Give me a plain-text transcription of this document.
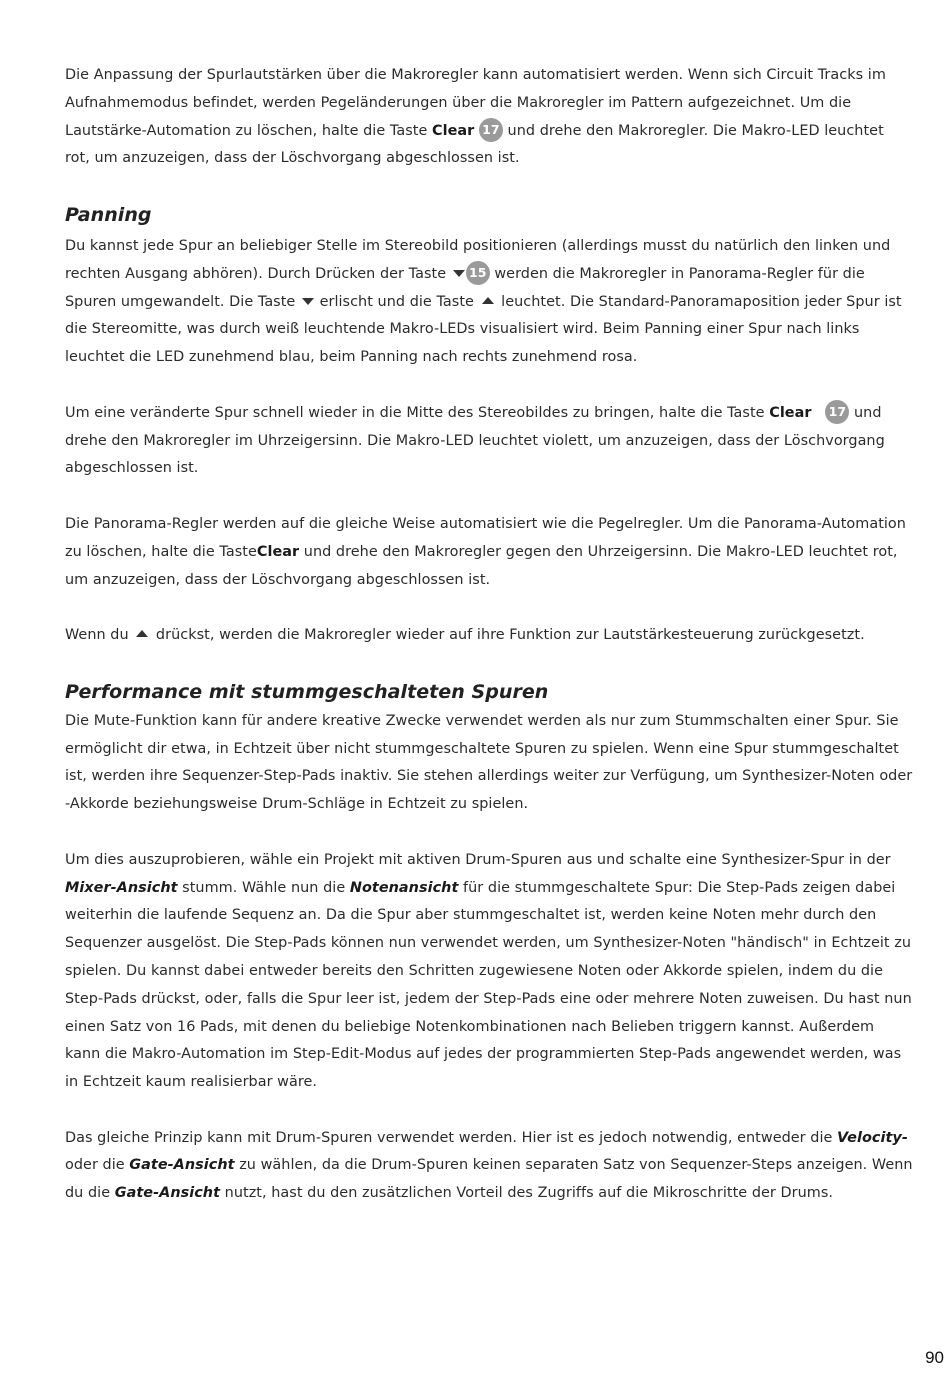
Die Anpassung der Spurlautstärken über die Makroregler kann automatisiert werden. Wenn sich Circuit Tracks im Aufnahmemodus befindet, werden Pegeländerungen über die Makroregler im Pattern aufgezeichnet. Um die Lautstärke-Automation zu löschen, halte die Taste Clear 17 und drehe den Makroregler. Die Makro-LED leuchtet rot, um anzuzeigen, dass der Löschvorgang abgeschlossen ist.

Panning

Du kannst jede Spur an beliebiger Stelle im Stereobild positionieren (allerdings musst du natürlich den linken und rechten Ausgang abhören). Durch Drücken der Taste 15 werden die Makroregler in Panorama-Regler für die Spuren umgewandelt. Die Taste  erlischt und die Taste  leuchtet. Die Standard-Panoramaposition jeder Spur ist die Stereomitte, was durch weiß leuchtende Makro-LEDs visualisiert wird. Beim Panning einer Spur nach links leuchtet die LED zunehmend blau, beim Panning nach rechts zunehmend rosa.

Um eine veränderte Spur schnell wieder in die Mitte des Stereobildes zu bringen, halte die Taste Clear 17 und drehe den Makroregler im Uhrzeigersinn. Die Makro-LED leuchtet violett, um anzuzeigen, dass der Löschvorgang abgeschlossen ist.

Die Panorama-Regler werden auf die gleiche Weise automatisiert wie die Pegelregler. Um die Panorama-Automation zu löschen, halte die TasteClear und drehe den Makroregler gegen den Uhrzeigersinn. Die Makro-LED leuchtet rot, um anzuzeigen, dass der Löschvorgang abgeschlossen ist.

Wenn du  drückst, werden die Makroregler wieder auf ihre Funktion zur Lautstärkesteuerung zurückgesetzt.

Performance mit stummgeschalteten Spuren

Die Mute-Funktion kann für andere kreative Zwecke verwendet werden als nur zum Stummschalten einer Spur. Sie ermöglicht dir etwa, in Echtzeit über nicht stummgeschaltete Spuren zu spielen. Wenn eine Spur stummgeschaltet ist, werden ihre Sequenzer-Step-Pads inaktiv. Sie stehen allerdings weiter zur Verfügung, um Synthesizer-Noten oder -Akkorde beziehungsweise Drum-Schläge in Echtzeit zu spielen.

Um dies auszuprobieren, wähle ein Projekt mit aktiven Drum-Spuren aus und schalte eine Synthesizer-Spur in der Mixer-Ansicht stumm. Wähle nun die Notenansicht für die stummgeschaltete Spur: Die Step-Pads zeigen dabei weiterhin die laufende Sequenz an. Da die Spur aber stummgeschaltet ist, werden keine Noten mehr durch den Sequenzer ausgelöst. Die Step-Pads können nun verwendet werden, um Synthesizer-Noten "händisch" in Echtzeit zu spielen. Du kannst dabei entweder bereits den Schritten zugewiesene Noten oder Akkorde spielen, indem du die Step-Pads drückst, oder, falls die Spur leer ist, jedem der Step-Pads eine oder mehrere Noten zuweisen. Du hast nun einen Satz von 16 Pads, mit denen du beliebige Notenkombinationen nach Belieben triggern kannst. Außerdem kann die Makro-Automation im Step-Edit-Modus auf jedes der programmierten Step-Pads angewendet werden, was in Echtzeit kaum realisierbar wäre.

Das gleiche Prinzip kann mit Drum-Spuren verwendet werden. Hier ist es jedoch notwendig, entweder die Velocity- oder die Gate-Ansicht zu wählen, da die Drum-Spuren keinen separaten Satz von Sequenzer-Steps anzeigen. Wenn du die Gate-Ansicht nutzt, hast du den zusätzlichen Vorteil des Zugriffs auf die Mikroschritte der Drums.

90
